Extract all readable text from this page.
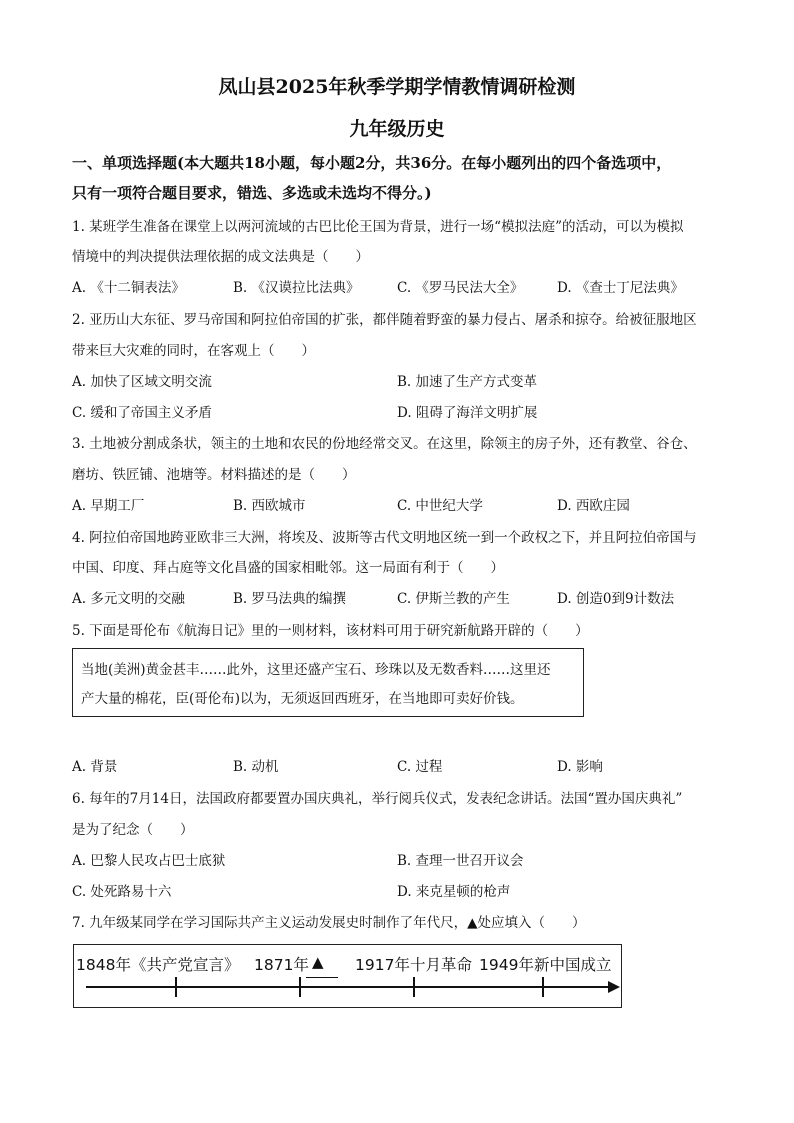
凤山县2025年秋季学期学情教情调研检测
九年级历史
一、单项选择题(本大题共18小题，每小题2分，共36分。在每小题列出的四个备选项中，
只有一项符合题目要求，错选、多选或未选均不得分。)
1. 某班学生准备在课堂上以两河流域的古巴比伦王国为背景，进行一场“模拟法庭”的活动，可以为模拟
情境中的判决提供法理依据的成文法典是（　　）
A. 《十二铜表法》	B. 《汉谟拉比法典》	C. 《罗马民法大全》 D. 《查士丁尼法典》
2. 亚历山大东征、罗马帝国和阿拉伯帝国的扩张，都伴随着野蛮的暴力侵占、屠杀和掠夺。给被征服地区
带来巨大灾难的同时，在客观上（　　）
A. 加快了区域文明交流	B. 加速了生产方式变革
C. 缓和了帝国主义矛盾	D. 阻碍了海洋文明扩展
3. 土地被分割成条状，领主的土地和农民的份地经常交叉。在这里，除领主的房子外，还有教堂、谷仓、
磨坊、铁匠铺、池塘等。材料描述的是（　　）
A. 早期工厂	B. 西欧城市	C. 中世纪大学	D. 西欧庄园
4. 阿拉伯帝国地跨亚欧非三大洲，将埃及、波斯等古代文明地区统一到一个政权之下，并且阿拉伯帝国与
中国、印度、拜占庭等文化昌盛的国家相毗邻。这一局面有利于（　　）
A. 多元文明的交融	B. 罗马法典的编撰	C. 伊斯兰教的产生	D. 创造0到9计数法
5. 下面是哥伦布《航海日记》里的一则材料，该材料可用于研究新航路开辟的（　　）
当地(美洲)黄金甚丰……此外，这里还盛产宝石、珍珠以及无数香料……这里还
产大量的棉花，臣(哥伦布)以为，无须返回西班牙，在当地即可卖好价钱。
A. 背景	B. 动机	C. 过程	D. 影响
6. 每年的7月14日，法国政府都要置办国庆典礼，举行阅兵仪式，发表纪念讲话。法国“置办国庆典礼”
是为了纪念（　　）
A. 巴黎人民攻占巴士底狱	B. 查理一世召开议会
C. 处死路易十六	D. 来克星顿的枪声
7. 九年级某同学在学习国际共产主义运动发展史时制作了年代尺，▲处应填入（　　）
1848年《共产党宣言》 1871年 ▲ 1917年十月革命 1949年新中国成立
